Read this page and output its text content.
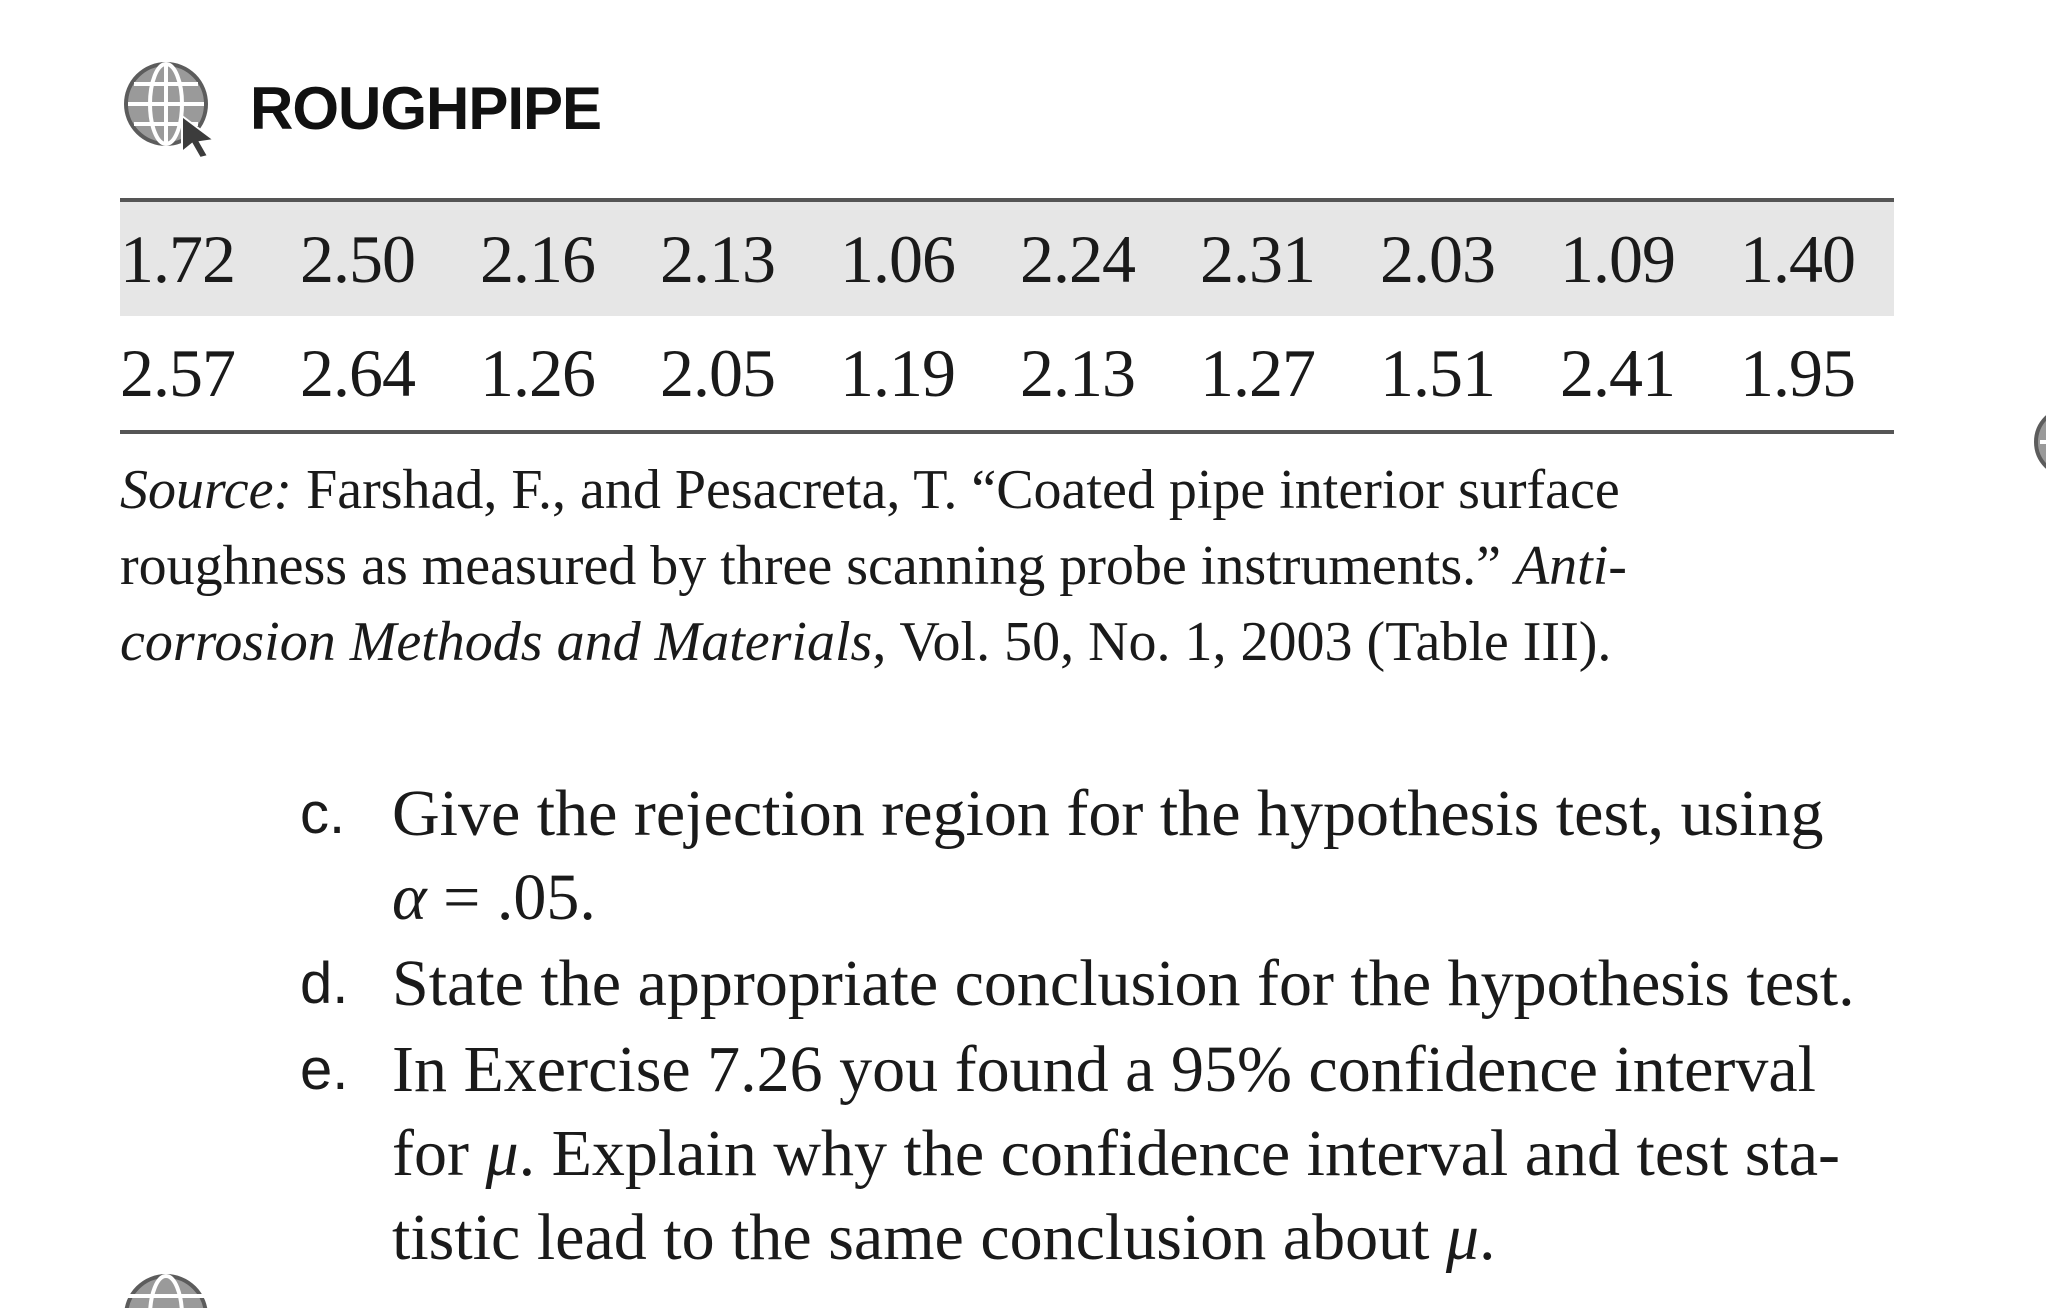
ROUGHPIPE
1.72 2.50 2.16 2.13 1.06 2.24 2.31 2.03 1.09 1.40
2.57 2.64 1.26 2.05 1.19 2.13 1.27 1.51 2.41 1.95
Source: Farshad, F., and Pesacreta, T. “Coated pipe interior surface
roughness as measured by three scanning probe instruments.” Anti-
corrosion Methods and Materials, Vol. 50, No. 1, 2003 (Table III).
c. Give the rejection region for the hypothesis test, using
α = .05.
d. State the appropriate conclusion for the hypothesis test.
e. In Exercise 7.26 you found a 95% confidence interval
for μ. Explain why the confidence interval and test sta-
tistic lead to the same conclusion about μ.
